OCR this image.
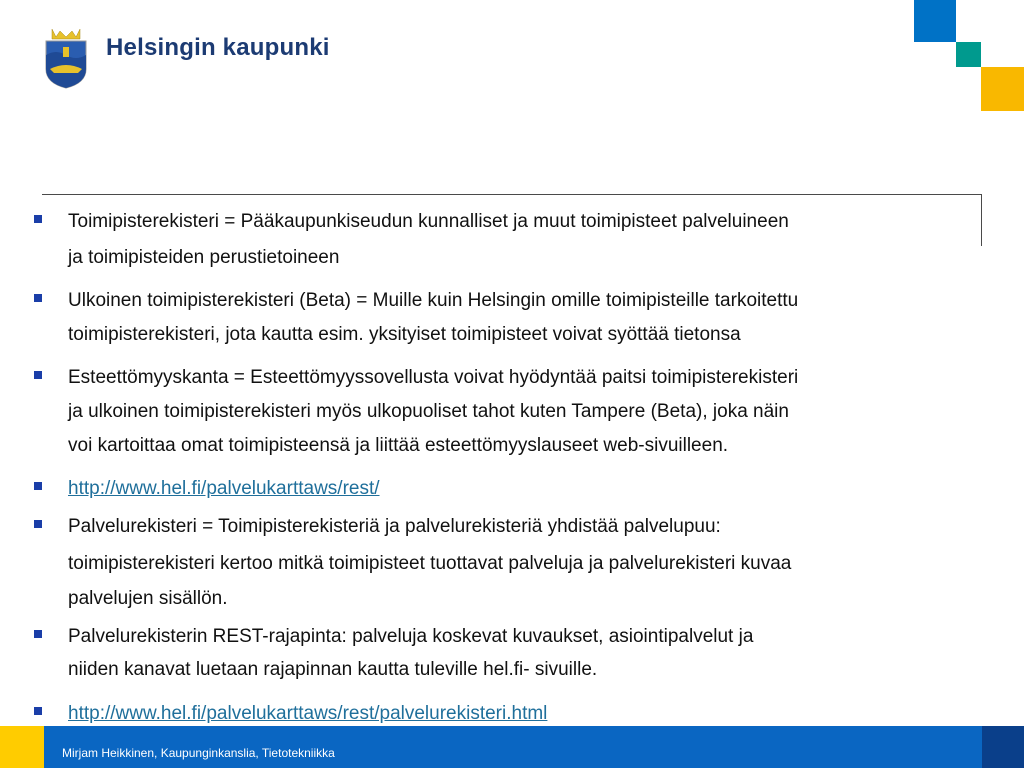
Helsingin kaupunki
Toimipisterekisteri = Pääkaupunkiseudun kunnalliset ja muut toimipisteet palveluineen
ja toimipisteiden perustietoineen
Ulkoinen toimipisterekisteri (Beta) = Muille kuin Helsingin omille toimipisteille tarkoitettu
toimipisterekisteri, jota kautta esim. yksityiset toimipisteet voivat syöttää tietonsa
Esteettömyyskanta = Esteettömyyssovellusta voivat hyödyntää paitsi toimipisterekisteri
ja ulkoinen toimipisterekisteri myös ulkopuoliset tahot kuten Tampere (Beta), joka näin
voi kartoittaa omat toimipisteensä ja liittää esteettömyyslauseet web-sivuilleen.
http://www.hel.fi/palvelukarttaws/rest/
Palvelurekisteri = Toimipisterekisteriä ja palvelurekisteriä yhdistää palvelupuu:
toimipisterekisteri kertoo mitkä toimipisteet tuottavat palveluja ja palvelurekisteri kuvaa
palvelujen sisällön.
Palvelurekisterin REST-rajapinta: palveluja koskevat kuvaukset, asiointipalvelut ja
niiden kanavat luetaan rajapinnan kautta tuleville hel.fi- sivuille.
http://www.hel.fi/palvelukarttaws/rest/palvelurekisteri.html
Mirjam Heikkinen, Kaupunginkanslia, Tietotekniikka
